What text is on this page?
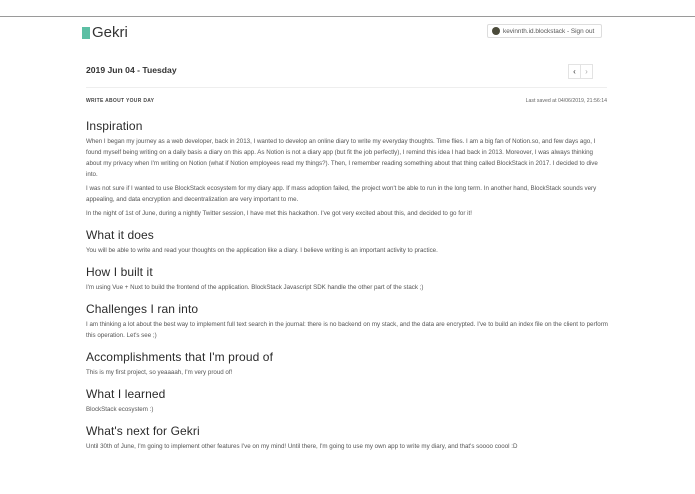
Gekri	kevinnth.id.blockstack - Sign out
2019 Jun 04 - Tuesday	‹	›
WRITE ABOUT YOUR DAY	Last saved at 04/06/2019, 21:56:14
Inspiration

When I began my journey as a web developer, back in 2013, I wanted to develop an online diary to write my everyday thoughts. Time flies. I am a big fan of Notion.so, and few days ago, I found myself being writing on a daily basis a diary on this app. As Notion is not a diary app (but fit the job perfectly), I remind this idea I had back in 2013. Moreover, I was always thinking about my privacy when I'm writing on Notion (what if Notion employees read my things?). Then, I remember reading something about that thing called BlockStack in 2017. I decided to dive into.

I was not sure if I wanted to use BlockStack ecosystem for my diary app. If mass adoption failed, the project won't be able to run in the long term. In another hand, BlockStack sounds very appealing, and data encryption and decentralization are very important to me.

In the night of 1st of June, during a nightly Twitter session, I have met this hackathon. I've got very excited about this, and decided to go for it!

What it does

You will be able to write and read your thoughts on the application like a diary. I believe writing is an important activity to practice.

How I built it

I'm using Vue + Nuxt to build the frontend of the application. BlockStack Javascript SDK handle the other part of the stack ;)

Challenges I ran into

I am thinking a lot about the best way to implement full text search in the journal: there is no backend on my stack, and the data are encrypted. I've to build an index file on the client to perform this operation. Let's see ;)

Accomplishments that I'm proud of

This is my first project, so yeaaaah, I'm very proud of!

What I learned

BlockStack ecosystem :)

What's next for Gekri

Until 30th of June, I'm going to implement other features I've on my mind! Until there, I'm going to use my own app to write my diary, and that's soooo coool :D
